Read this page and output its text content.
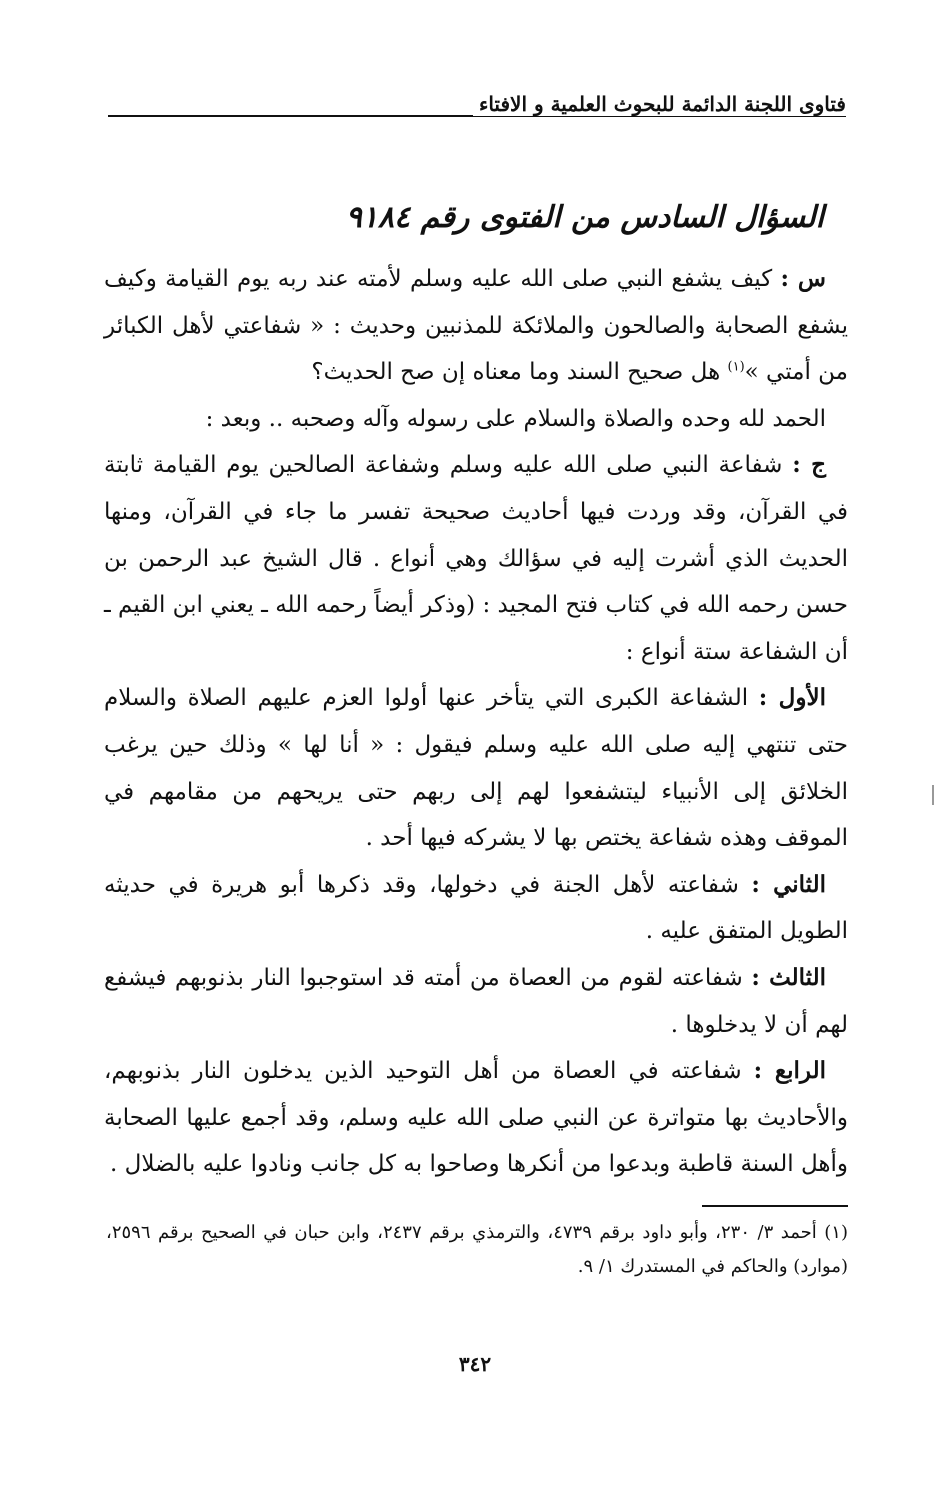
فتاوى اللجنة الدائمة للبحوث العلمية و الافتاء
السؤال السادس من الفتوى رقم ٩١٨٤

س : كيف يشفع النبي صلى الله عليه وسلم لأمته عند ربه يوم القيامة وكيف يشفع الصحابة والصالحون والملائكة للمذنبين وحديث : « شفاعتي لأهل الكبائر من أمتي »$^{(١)}$ هل صحيح السند وما معناه إن صح الحديث؟

الحمد لله وحده والصلاة والسلام على رسوله وآله وصحبه .. وبعد :

ج : شفاعة النبي صلى الله عليه وسلم وشفاعة الصالحين يوم القيامة ثابتة في القرآن، وقد وردت فيها أحاديث صحيحة تفسر ما جاء في القرآن، ومنها الحديث الذي أشرت إليه في سؤالك وهي أنواع . قال الشيخ عبد الرحمن بن حسن رحمه الله في كتاب فتح المجيد : (وذكر أيضاً رحمه الله ـ يعني ابن القيم ـ أن الشفاعة ستة أنواع :

الأول : الشفاعة الكبرى التي يتأخر عنها أولوا العزم عليهم الصلاة والسلام حتى تنتهي إليه صلى الله عليه وسلم فيقول : « أنا لها » وذلك حين يرغب الخلائق إلى الأنبياء ليتشفعوا لهم إلى ربهم حتى يريحهم من مقامهم في الموقف وهذه شفاعة يختص بها لا يشركه فيها أحد .

الثاني : شفاعته لأهل الجنة في دخولها، وقد ذكرها أبو هريرة في حديثه الطويل المتفق عليه .

الثالث : شفاعته لقوم من العصاة من أمته قد استوجبوا النار بذنوبهم فيشفع لهم أن لا يدخلوها .

الرابع : شفاعته في العصاة من أهل التوحيد الذين يدخلون النار بذنوبهم، والأحاديث بها متواترة عن النبي صلى الله عليه وسلم، وقد أجمع عليها الصحابة وأهل السنة قاطبة وبدعوا من أنكرها وصاحوا به كل جانب ونادوا عليه بالضلال .

(١) أحمد ٣/ ٢٣٠، وأبو داود برقم ٤٧٣٩، والترمذي برقم ٢٤٣٧، وابن حبان في الصحيح برقم ٢٥٩٦، (موارد) والحاكم في المستدرك ١/ ٩.
٣٤٢
